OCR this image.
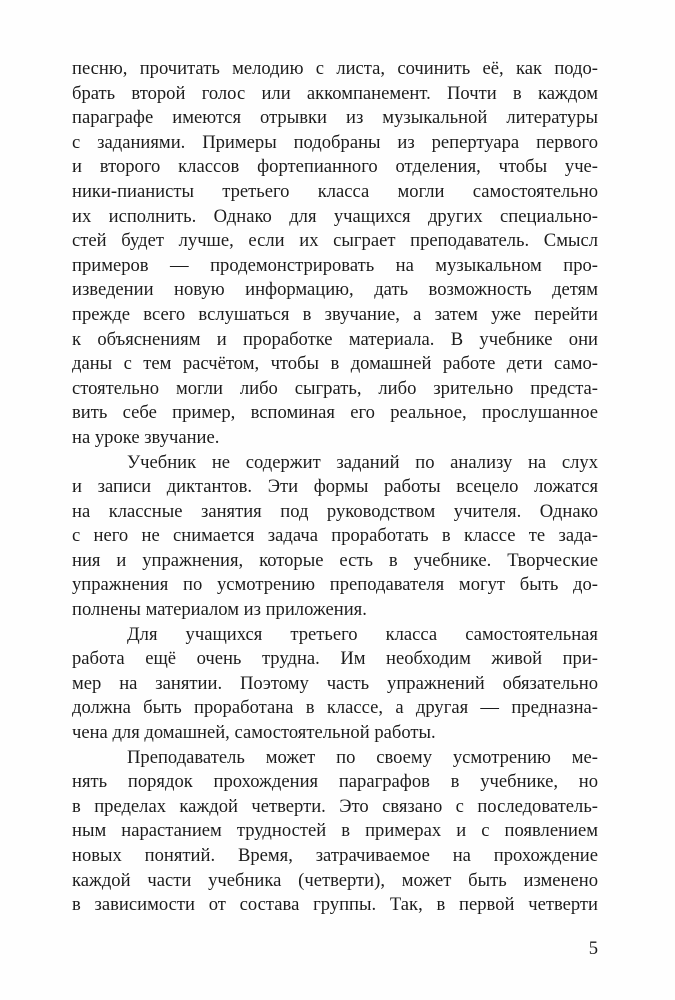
песню, прочитать мелодию с листа, сочинить её, как подо-
брать второй голос или аккомпанемент. Почти в каждом
параграфе имеются отрывки из музыкальной литературы
с заданиями. Примеры подобраны из репертуара первого
и второго классов фортепианного отделения, чтобы уче-
ники-пианисты третьего класса могли самостоятельно
их исполнить. Однако для учащихся других специально-
стей будет лучше, если их сыграет преподаватель. Смысл
примеров — продемонстрировать на музыкальном про-
изведении новую информацию, дать возможность детям
прежде всего вслушаться в звучание, а затем уже перейти
к объяснениям и проработке материала. В учебнике они
даны с тем расчётом, чтобы в домашней работе дети само-
стоятельно могли либо сыграть, либо зрительно предста-
вить себе пример, вспоминая его реальное, прослушанное
на уроке звучание.
Учебник не содержит заданий по анализу на слух
и записи диктантов. Эти формы работы всецело ложатся
на классные занятия под руководством учителя. Однако
с него не снимается задача проработать в классе те зада-
ния и упражнения, которые есть в учебнике. Творческие
упражнения по усмотрению преподавателя могут быть до-
полнены материалом из приложения.
Для учащихся третьего класса самостоятельная
работа ещё очень трудна. Им необходим живой при-
мер на занятии. Поэтому часть упражнений обязательно
должна быть проработана в классе, а другая — предназна-
чена для домашней, самостоятельной работы.
Преподаватель может по своему усмотрению ме-
нять порядок прохождения параграфов в учебнике, но
в пределах каждой четверти. Это связано с последователь-
ным нарастанием трудностей в примерах и с появлением
новых понятий. Время, затрачиваемое на прохождение
каждой части учебника (четверти), может быть изменено
в зависимости от состава группы. Так, в первой четверти
5
